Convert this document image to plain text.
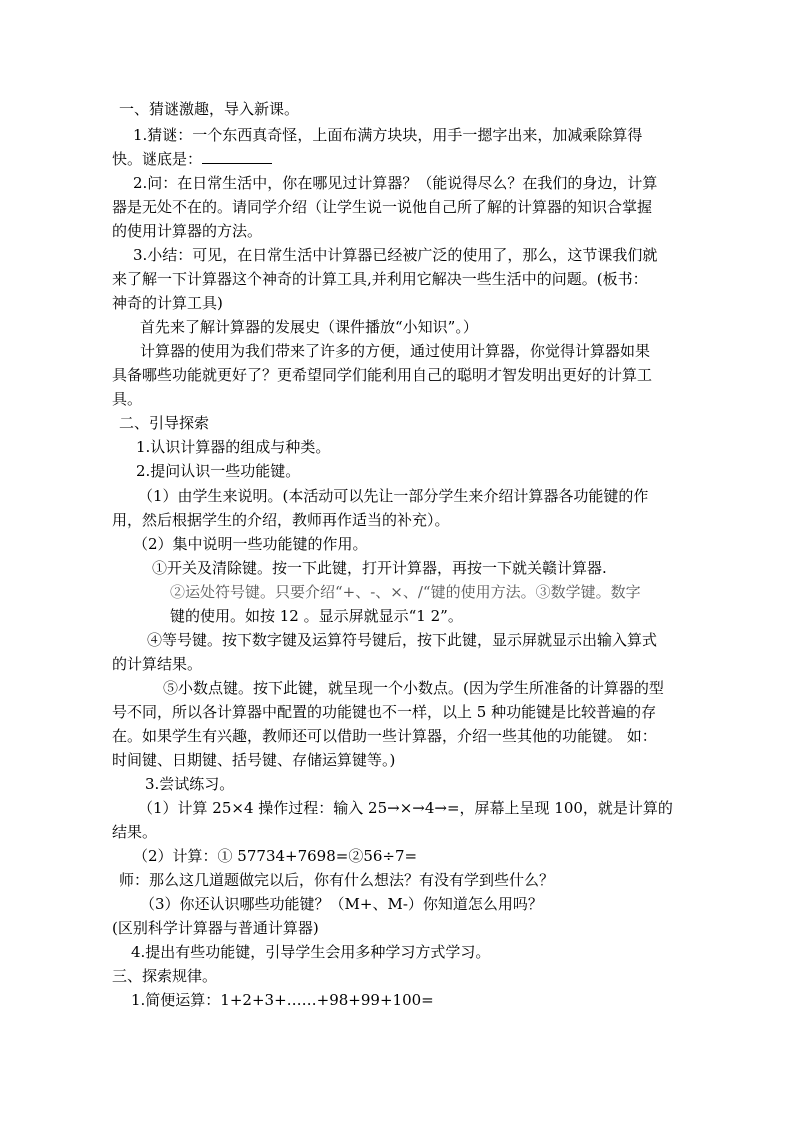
一、猜谜激趣，导入新课。
1.猜谜：一个东西真奇怪，上面布满方块块，用手一摁字出来，加减乘除算得
快。谜底是：
2.问：在日常生活中，你在哪见过计算器？（能说得尽么？在我们的身边，计算
器是无处不在的。请同学介绍（让学生说一说他自己所了解的计算器的知识合掌握
的使用计算器的方法。
3.小结：可见，在日常生活中计算器已经被广泛的使用了，那么，这节课我们就
来了解一下计算器这个神奇的计算工具,并利用它解决一些生活中的问题。(板书：
神奇的计算工具)
首先来了解计算器的发展史（课件播放“小知识”。）
计算器的使用为我们带来了许多的方便，通过使用计算器，你觉得计算器如果
具备哪些功能就更好了？更希望同学们能利用自己的聪明才智发明出更好的计算工
具。
二、引导探索
1.认识计算器的组成与种类。
2.提问认识一些功能键。
（1）由学生来说明。(本活动可以先让一部分学生来介绍计算器各功能键的作
用，然后根据学生的介绍，教师再作适当的补充）。
（2）集中说明一些功能键的作用。
①开关及清除键。按一下此键，打开计算器，再按一下就关赣计算器.
②运处符号键。只要介绍“+、-、×、/“键的使用方法。③数学键。数字
键的使用。如按 12 。显示屏就显示“1 2”。
④等号键。按下数字键及运算符号键后，按下此键，显示屏就显示出输入算式
的计算结果。
⑤小数点键。按下此键，就呈现一个小数点。(因为学生所准备的计算器的型
号不同，所以各计算器中配置的功能键也不一样，以上 5 种功能键是比较普遍的存
在。如果学生有兴趣，教师还可以借助一些计算器，介绍一些其他的功能键。 如：
时间键、日期键、括号键、存储运算键等。)
3.尝试练习。
（1）计算 25×4 操作过程：输入 25→×→4→=，屏幕上呈现 100，就是计算的
结果。
（2）计算：① 57734+7698=②56÷7=
师：那么这几道题做完以后，你有什么想法？有没有学到些什么？
（3）你还认识哪些功能键？（M+、M-）你知道怎么用吗？
(区别科学计算器与普通计算器)
4.提出有些功能键，引导学生会用多种学习方式学习。
三、探索规律。
1.简便运算：1+2+3+……+98+99+100=
